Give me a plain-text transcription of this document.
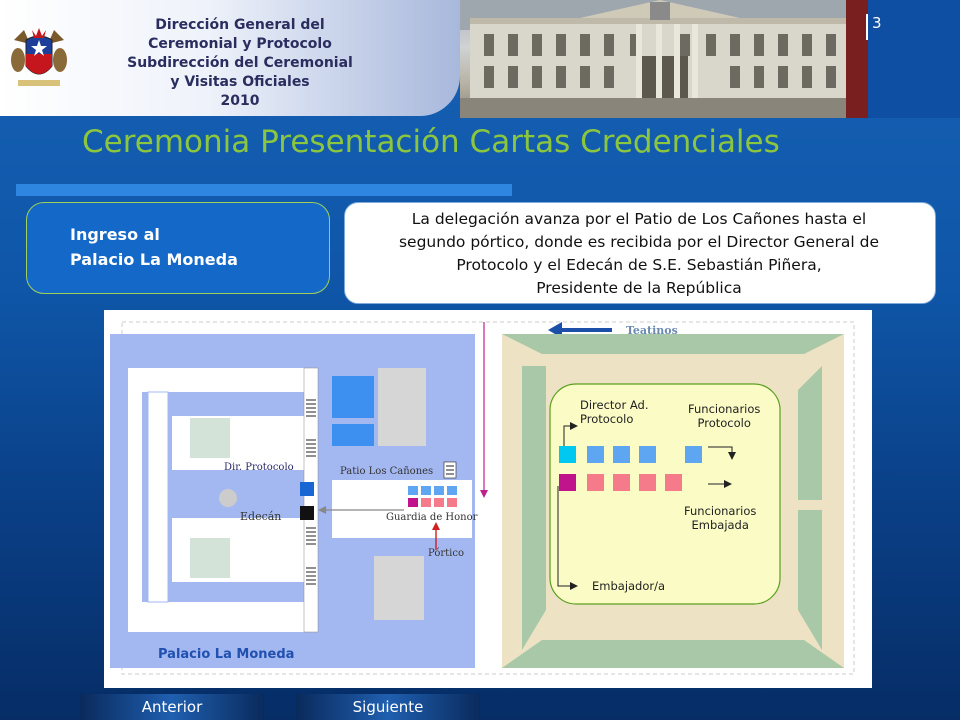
Dirección General del
Ceremonial y Protocolo
Subdirección del Ceremonial
y Visitas Oficiales
2010
3
Ceremonia Presentación Cartas Credenciales
Ingreso al
Palacio La Moneda
La delegación avanza por el Patio de Los Cañones hasta el
segundo pórtico, donde es recibida por el Director General de
Protocolo y el Edecán de S.E. Sebastián Piñera,
Presidente de la República
Teatinos
Dir. Protocolo
Edecán
Patio Los Cañones
Guardia de Honor
Pórtico
Palacio La Moneda
Director Ad.
Protocolo
Funcionarios
Protocolo
Funcionarios
Embajada
Embajador/a
Anterior	Siguiente
